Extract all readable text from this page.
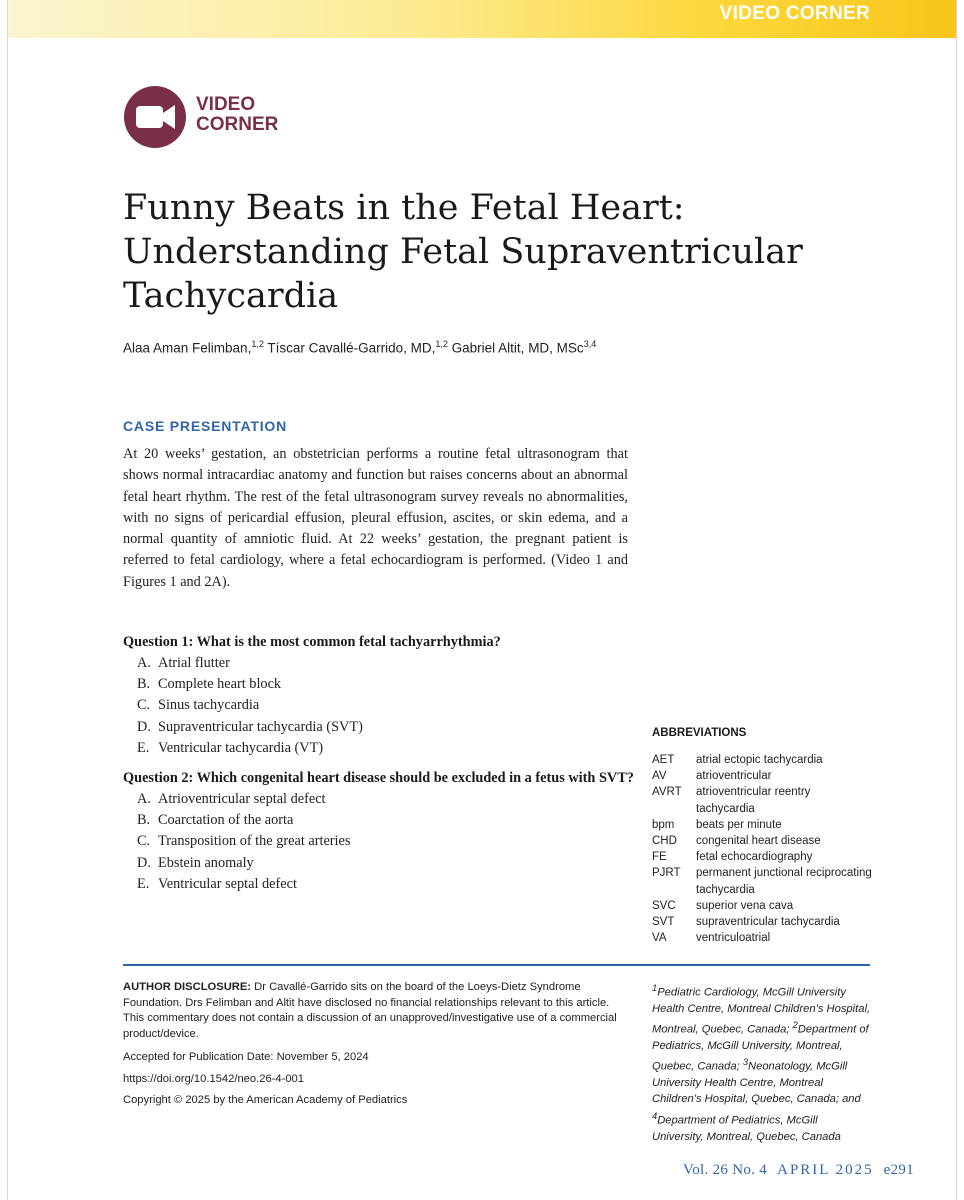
VIDEO CORNER
VIDEO
CORNER
Funny Beats in the Fetal Heart: Understanding Fetal Supraventricular Tachycardia
Alaa Aman Felimban,$^{1,2}$ Tíscar Cavallé-Garrido, MD,$^{1,2}$ Gabriel Altit, MD, MSc$^{3,4}$
CASE PRESENTATION

At 20 weeks’ gestation, an obstetrician performs a routine fetal ultrasonogram that shows normal intracardiac anatomy and function but raises concerns about an abnormal fetal heart rhythm. The rest of the fetal ultrasonogram survey reveals no abnormalities, with no signs of pericardial effusion, pleural effusion, ascites, or skin edema, and a normal quantity of amniotic fluid. At 22 weeks’ gestation, the pregnant patient is referred to fetal cardiology, where a fetal echocardiogram is performed. (Video 1 and Figures 1 and 2A).

Question 1: What is the most common fetal tachyarrhythmia?
A. Atrial flutter
B. Complete heart block
C. Sinus tachycardia
D. Supraventricular tachycardia (SVT)
E. Ventricular tachycardia (VT)
Question 2: Which congenital heart disease should be excluded in a fetus with SVT?
A. Atrioventricular septal defect
B. Coarctation of the aorta
C. Transposition of the great arteries
D. Ebstein anomaly
E. Ventricular septal defect
ABBREVIATIONS
AET	atrial ectopic tachycardia
AV	atrioventricular
AVRT	atrioventricular reentry tachycardia
bpm	beats per minute
CHD	congenital heart disease
FE	fetal echocardiography
PJRT	permanent junctional reciprocating tachycardia
SVC	superior vena cava
SVT	supraventricular tachycardia
VA	ventriculoatrial

AUTHOR DISCLOSURE: Dr Cavallé-Garrido sits on the board of the Loeys-Dietz Syndrome Foundation. Drs Felimban and Altit have disclosed no financial relationships relevant to this article. This commentary does not contain a discussion of an unapproved/investigative use of a commercial product/device.

Accepted for Publication Date: November 5, 2024

https://doi.org/10.1542/neo.26-4-001

Copyright © 2025 by the American Academy of Pediatrics

$^1$Pediatric Cardiology, McGill University Health Centre, Montreal Children’s Hospital, Montreal, Quebec, Canada; $^2$Department of Pediatrics, McGill University, Montreal, Quebec, Canada; $^3$Neonatology, McGill University Health Centre, Montreal Children’s Hospital, Quebec, Canada; and $^4$Department of Pediatrics, McGill University, Montreal, Quebec, Canada
Vol. 26 No. 4 APRIL 2025 e291
